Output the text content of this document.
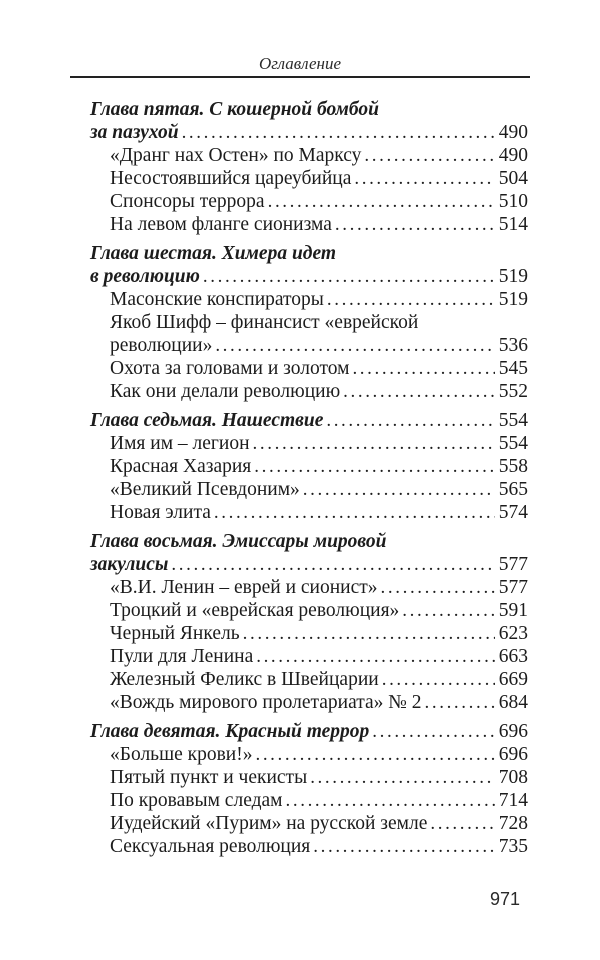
Оглавление
Глава пятая. С кошерной бомбой
за пазухой .....	490
«Дранг нах Остен» по Марксу .....	490
Несостоявшийся цареубийца .....	504
Спонсоры террора .....	510
На левом фланге сионизма .....	514
Глава шестая. Химера идет
в революцию .....	519
Масонские конспираторы .....	519
Якоб Шифф – финансист «еврейской
революции» .....	536
Охота за головами и золотом .....	545
Как они делали революцию .....	552
Глава седьмая. Нашествие .....	554
Имя им – легион .....	554
Красная Хазария .....	558
«Великий Псевдоним» .....	565
Новая элита .....	574
Глава восьмая. Эмиссары мировой
закулисы .....	577
«В.И. Ленин – еврей и сионист» .....	577
Троцкий и «еврейская революция» .....	591
Черный Янкель .....	623
Пули для Ленина .....	663
Железный Феликс в Швейцарии .....	669
«Вождь мирового пролетариата» № 2 .....	684
Глава девятая. Красный террор .....	696
«Больше крови!» .....	696
Пятый пункт и чекисты .....	708
По кровавым следам .....	714
Иудейский «Пурим» на русской земле .....	728
Сексуальная революция .....	735
971
